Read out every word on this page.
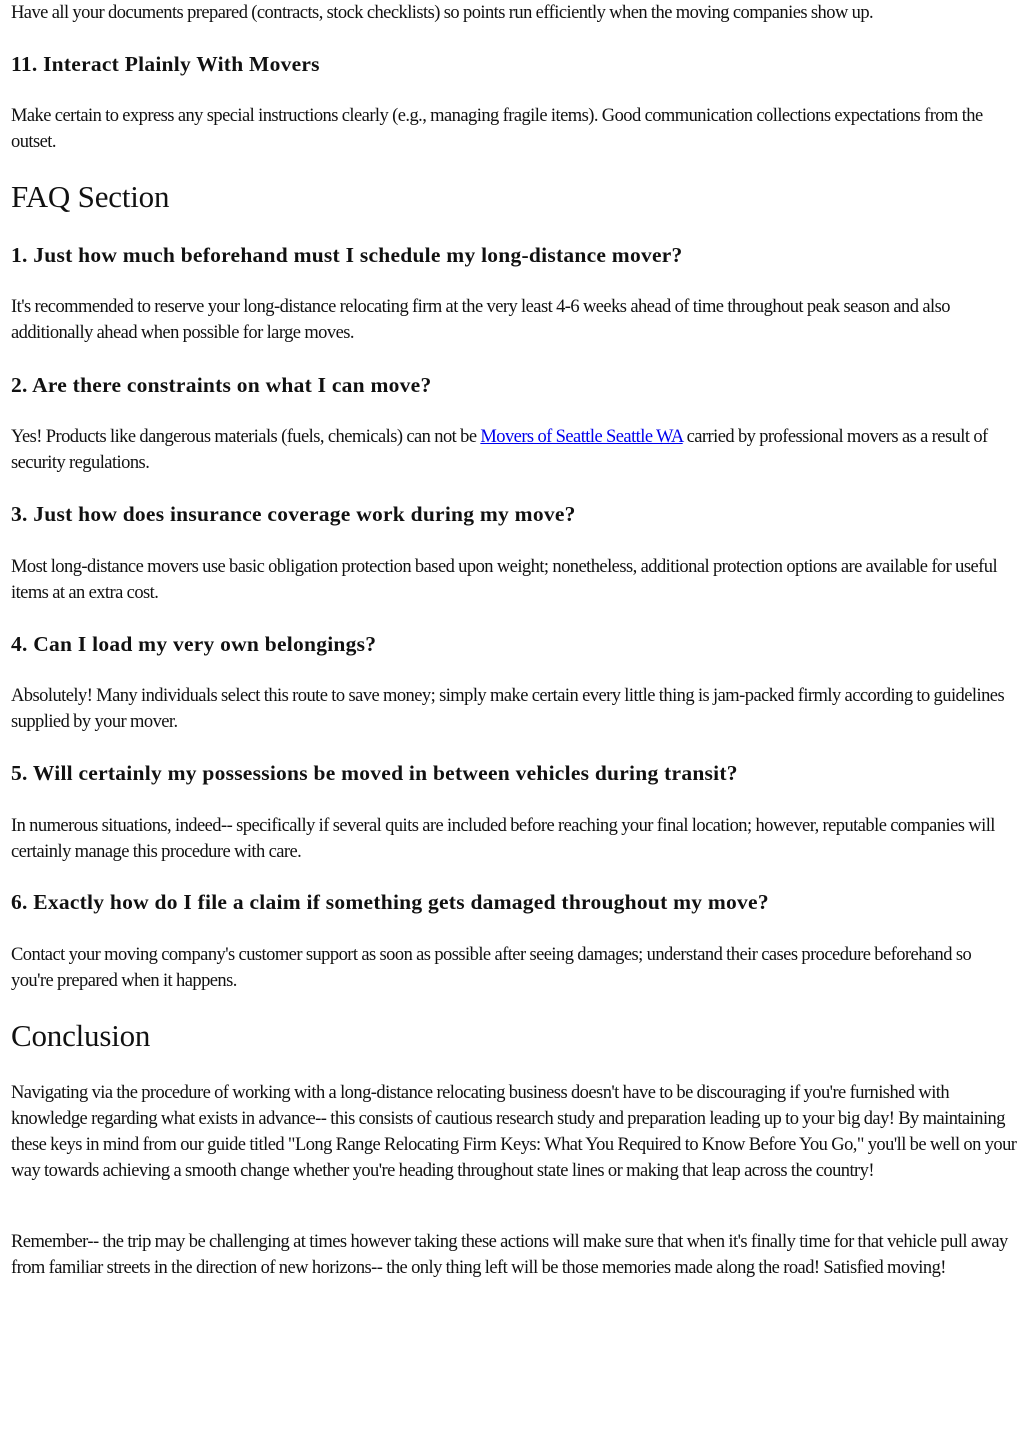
Have all your documents prepared (contracts, stock checklists) so points run efficiently when the moving companies show up.

11. Interact Plainly With Movers

Make certain to express any special instructions clearly (e.g., managing fragile items). Good communication collections expectations from the outset.

FAQ Section
1. Just how much beforehand must I schedule my long-distance mover?

It's recommended to reserve your long-distance relocating firm at the very least 4-6 weeks ahead of time throughout peak season and also additionally ahead when possible for large moves.

2. Are there constraints on what I can move?

Yes! Products like dangerous materials (fuels, chemicals) can not be Movers of Seattle Seattle WA carried by professional movers as a result of security regulations.

3. Just how does insurance coverage work during my move?

Most long-distance movers use basic obligation protection based upon weight; nonetheless, additional protection options are available for useful items at an extra cost.

4. Can I load my very own belongings?

Absolutely! Many individuals select this route to save money; simply make certain every little thing is jam-packed firmly according to guidelines supplied by your mover.

5. Will certainly my possessions be moved in between vehicles during transit?

In numerous situations, indeed-- specifically if several quits are included before reaching your final location; however, reputable companies will certainly manage this procedure with care.

6. Exactly how do I file a claim if something gets damaged throughout my move?

Contact your moving company's customer support as soon as possible after seeing damages; understand their cases procedure beforehand so you're prepared when it happens.

Conclusion

Navigating via the procedure of working with a long-distance relocating business doesn't have to be discouraging if you're furnished with knowledge regarding what exists in advance-- this consists of cautious research study and preparation leading up to your big day! By maintaining these keys in mind from our guide titled "Long Range Relocating Firm Keys: What You Required to Know Before You Go," you'll be well on your way towards achieving a smooth change whether you're heading throughout state lines or making that leap across the country!

Remember-- the trip may be challenging at times however taking these actions will make sure that when it's finally time for that vehicle pull away from familiar streets in the direction of new horizons-- the only thing left will be those memories made along the road! Satisfied moving!
